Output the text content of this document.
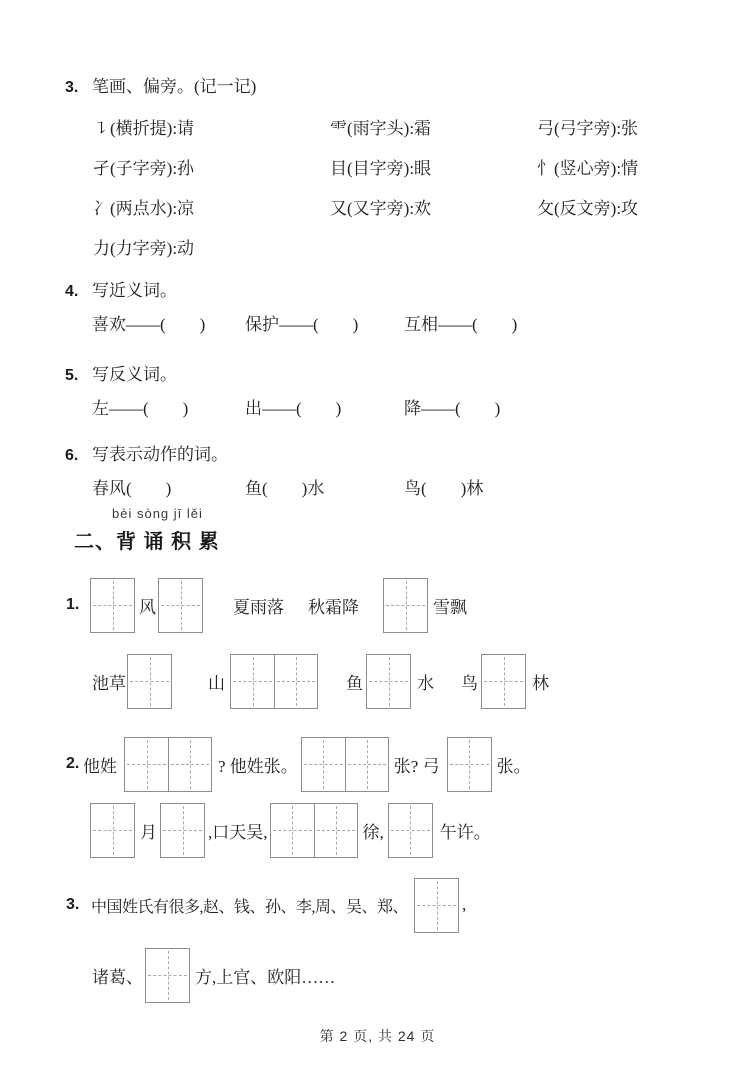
3. 笔画、偏旁。(记一记)
㇊(横折提):请	⻗(雨字头):霜	弓(弓字旁):张
孑(子字旁):孙	目(目字旁):眼	忄(竖心旁):情
冫(两点水):凉	又(又字旁):欢	攵(反文旁):攻
力(力字旁):动
4. 写近义词。
喜欢——(　　)	保护——(　　)	互相——(　　)
5. 写反义词。
左——(　　)	出——(　　)	降——(　　)
6. 写表示动作的词。
春风(　　)	鱼(　　)水	鸟(　　)林
bèi sòng jī lěi
二、背 诵 积 累
1.	风	夏雨落 秋霜降	雪飘
池草	山	鱼	水 鸟	林
2. 他姓	? 他姓张。	张? 弓	张。
月	,口天吴,	徐,	午许。
3. 中国姓氏有很多,赵、钱、孙、李,周、吴、郑、	,
诸葛、	方,上官、欧阳……
第 2 页, 共 24 页
